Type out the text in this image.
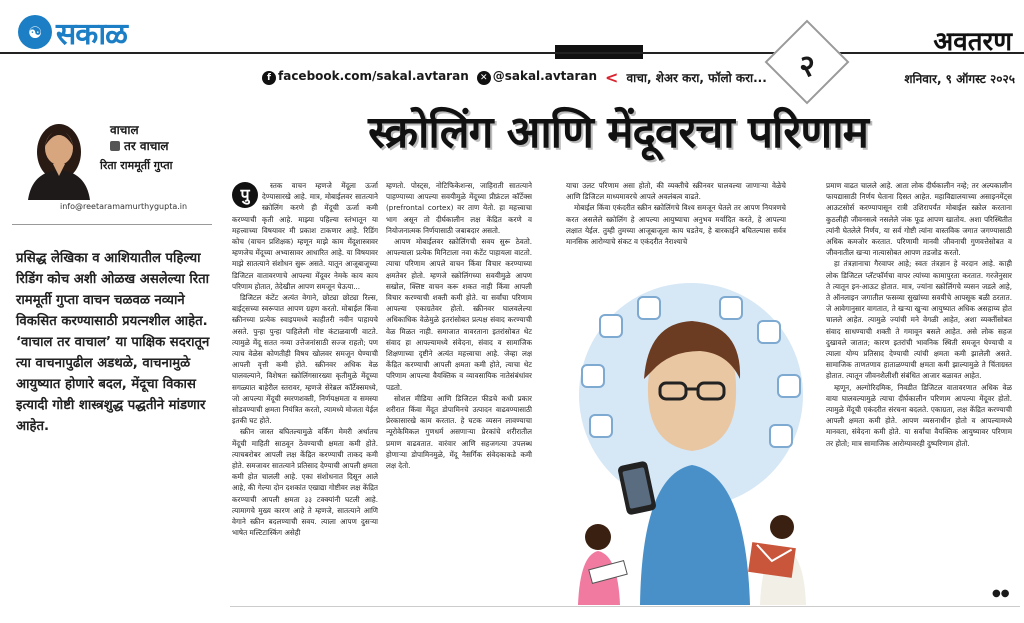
☯ सकाळ
f facebook.com/sakal.avtaran	✕ @sakal.avtaran < वाचा, शेअर करा, फॉलो करा...	२
अवतरण
शनिवार, ९ ऑगस्ट २०२५
वाचाल
तर वाचाल
रिता राममूर्ती गुप्ता
info@reetaramamurthygupta.in
प्रसिद्ध लेखिका व आशियातील पहिल्या रिडिंग कोच अशी ओळख असलेल्या रिता राममूर्ती गुप्ता वाचन चळवळ नव्याने विकसित करण्यासाठी प्रयत्नशील आहेत. ‘वाचाल तर वाचाल’ या पाक्षिक सदरातून त्या वाचनापुढील अडथळे, वाचनामुळे आयुष्यात होणारे बदल, मेंदूचा विकास इत्यादी गोष्टी शास्त्रशुद्ध पद्धतीने मांडणार आहेत.
स्क्रोलिंग आणि मेंदूवरचा परिणाम
पु	स्तक वाचन म्हणजे मेंदूला ऊर्जा देण्यासारखे आहे. मात्र, मोबाईलवर सातत्याने स्क्रोलिंग करणे ही मेंदूची ऊर्जा कमी करण्याची कृती आहे. माझ्या पहिल्या स्तंभातून या महत्त्वाच्या विषयावर मी प्रकाश टाकणार आहे. रिडिंग कोच (वाचन प्रशिक्षक) म्हणून माझे काम मेंदूशास्त्रावर म्हणजेच मेंदूच्या अभ्यासावर आधारित आहे. या विषयावर माझे सातत्याने संशोधन सुरू असते. यातून आजूबाजूच्या डिजिटल वातावरणाचे आपल्या मेंदूवर नेमके काय काय परिणाम होतात, तेदेखील आपण समजून घेऊया...

डिजिटल कंटेंट अत्यंत वेगाने, छोट्या छोट्या रिल्स, बाईट्सच्या स्वरूपात आपण ग्रहण करतो. मोबाईल किंवा स्क्रीनच्या प्रत्येक स्वाइपमध्ये काहीतरी नवीन पाहायचे असते. पुन्हा पुन्हा पाहिलेली गोष्ट कंटाळवाणी वाटते. त्यामुळे मेंदू सतत नव्या उत्तेजनांसाठी सज्ज राहतो; पण त्याच वेळेस कोणतीही विषय खोलवर समजून घेण्याची आपली वृत्ती कमी होते. स्क्रीनवर अधिक वेळ घालवल्याने, विशेषतः स्क्रोलिंगसारख्या कृतीमुळे मेंदूच्या सगळ्यात बाहेरील स्तरावर, म्हणजे सेरेब्रल कॉर्टेक्समध्ये, जो आपल्या मेंदूची स्मरणशक्ती, निर्णयक्षमता व समस्या सोडवण्याची क्षमता नियंत्रित करतो, त्यामध्ये मोजता येईल इतकी घट होते.

स्क्रीन जास्त बघितल्यामुळे वर्किंग मेमरी अर्थातच मेंदूची माहिती साठवून ठेवण्याची क्षमता कमी होते. त्याचबरोबर आपली लक्ष केंद्रित करण्याची ताकद कमी होते. समजावर सातत्याने प्रतिसाद देण्याची आपली क्षमता कमी होत चालली आहे. एका संशोधनात दिसून आले आहे, की गेल्या दोन दशकांत एखाद्या गोष्टीवर लक्ष केंद्रित करण्याची आपली क्षमता ३३ टक्क्यांनी घटली आहे. त्यामागचे मुख्य कारण आहे ते म्हणजे, सातत्याने आणि वेगाने स्क्रीन बदलण्याची सवय. त्याला आपण दुसऱ्या भाषेत मल्टिटास्किंग असेही

म्हणतो. पोस्ट्स, नोटिफिकेशन्स, जाहिराती सातत्याने पाहण्याच्या आपल्या सवयीमुळे मेंदूच्या प्रीफ्रंटल कॉर्टेक्स (prefrontal cortex) वर ताण येतो. हा महत्त्वाचा भाग असून तो दीर्घकालीन लक्ष केंद्रित करणे व नियोजनात्मक निर्णयासाठी जबाबदार असतो.

आपण मोबाईलवर स्क्रोलिंगची सवय सुरू ठेवतो. आपल्याला प्रत्येक मिनिटाला नवा कंटेंट पाहायला वाटतो. त्याचा परिणाम आपले वाचन किंवा विचार करण्याच्या क्षमतेवर होतो. म्हणजे स्क्रोलिंगच्या सवयीमुळे आपण सखोल, क्लिष्ट वाचन करू शकत नाही किंवा आपली विचार करण्याची शक्ती कमी होते. या सर्वांचा परिणाम आपल्या एकाग्रतेवर होतो. स्क्रीनवर घालवलेल्या अधिकाधिक वेळेमुळे इतरांसोबत प्रत्यक्ष संवाद करण्याची वेळ मिळत नाही. समाजात वावरताना इतरांसोबत थेट संवाद हा आपल्यामध्ये संवेदना, संवाद व सामाजिक शिक्षणाच्या दृष्टीने अत्यंत महत्त्वाचा आहे. जेव्हा लक्ष केंद्रित करण्याची आपली क्षमता कमी होते, त्याचा थेट परिणाम आपल्या वैयक्तिक व व्यावसायिक नातेसंबंधांवर पडतो.

सोशल मीडिया आणि डिजिटल फीडचे कधी प्रकार शरीरात किंवा मेंदूत डोपामिनचे उत्पादन वाढवण्यासाठी प्रेरकासारखे काम करतात. हे घटक व्यसन लावण्याचा न्यूरोकेमिकल गुणधर्म असणाऱ्या प्रेरकांचे शरीरातील प्रमाण वाढवतात. वारंवार आणि सहजगत्या उपलब्ध होणाऱ्या डोपामिनमुळे, मेंदू नैसर्गिक संवेदकाकडे कमी लक्ष देतो.

याचा उलट परिणाम असा होतो, की व्यक्तीचे स्क्रीनवर घालवल्या जाणाऱ्या वेळेचे आणि डिजिटल माध्यमावरचे आपले अवलंबत्व वाढते.

मोबाईल किंवा एकंदरीत स्क्रीन स्क्रोलिंगचे विश्व समजून घेतले तर आपण नियत्रणचे करत असलेले स्क्रोलिंग हे आपल्या आयुष्याचा अनुभव मर्यादित करते, हे आपल्या लक्षात येईल. तुम्ही तुमच्या आजूबाजूला काय घडतेय, हे बारकाईने बघितल्यास सर्वत्र मानसिक आरोग्याचे संकट व एकंदरीत नैराश्याचे

प्रमाण वाढत चालले आहे. आता लोक दीर्घकालीन नव्हे; तर अल्पकालीन फायद्यासाठी निर्णय घेताना दिसत आहेत. महाविद्यालयाच्या असाइनमेंट्स आऊटसोर्स करण्यापासून रात्री उशिरापर्यंत मोबाईल स्क्रोल करताना कुठलीही जीवनसत्वे नसलेले जंक फूड आपण खातोय. अशा परिस्थितीत त्यांनी घेतलेले निर्णय, या सर्व गोष्टी त्यांना वास्तविक जगात जगण्यासाठी अधिक कमजोर करतात. परिणामी मानवी जीवनाची गुणवत्तेसोबत व जीवनातील खऱ्या नात्यासोबत आपण तडजोड करतो.

हा तंत्रज्ञानाचा गैरवापर आहे; स्वतः तंत्रज्ञान हे वरदान आहे. काही लोक डिजिटल प्लॅटफॉर्मचा वापर त्यांच्या कामापुरता करतात. गरजेनुसार ते त्यातून इन-आऊट होतात. मात्र, ज्यांना स्क्रोलिंगचे व्यसन जडले आहे, ते ऑनलाइन जगातील फसव्या सुखांच्या सवयीचे आपसूक बळी ठरतात. जे आवेगानुसार वागतात, ते खऱ्या खुऱ्या आयुष्यात अधिक असहाय्य होत चालले आहेत. त्यामुळे ज्यांची मने वेगळी आहेत, अशा व्यक्तींसोबत संवाद साधण्याची शक्ती ते गमावून बसले आहेत. असे लोक सहज दुखावले जातात; कारण इतरांची भावनिक स्थिती समजून घेण्याची व त्याला योग्य प्रतिसाद देण्याची त्यांची क्षमता कमी झालेली असते. सामाजिक ताणतणाव हाताळण्याची क्षमता कमी झाल्यामुळे ते चिंताग्रस्त होतात. त्यातून जीवनशैलीशी संबंधित आजार बळावत आहेत.

म्हणून, अल्गोरिदमिक, निवडीत डिजिटल वातावरणात अधिक वेळ वाया घालवल्यामुळे त्याचा दीर्घकालीन परिणाम आपल्या मेंदूवर होतो. त्यामुळे मेंदूची एकंदरीत संरचना बदलते. एकाग्रता, लक्ष केंद्रित करण्याची आपली क्षमता कमी होते. आपण व्यसनाधीन होतो व आपल्यामध्ये मानवता, संवेदना कमी होते. या सर्वांचा वैयक्तिक आयुष्यावर परिणाम तर होतो; मात्र सामाजिक आरोग्यावरही दुष्परिणाम होतो.

●●
